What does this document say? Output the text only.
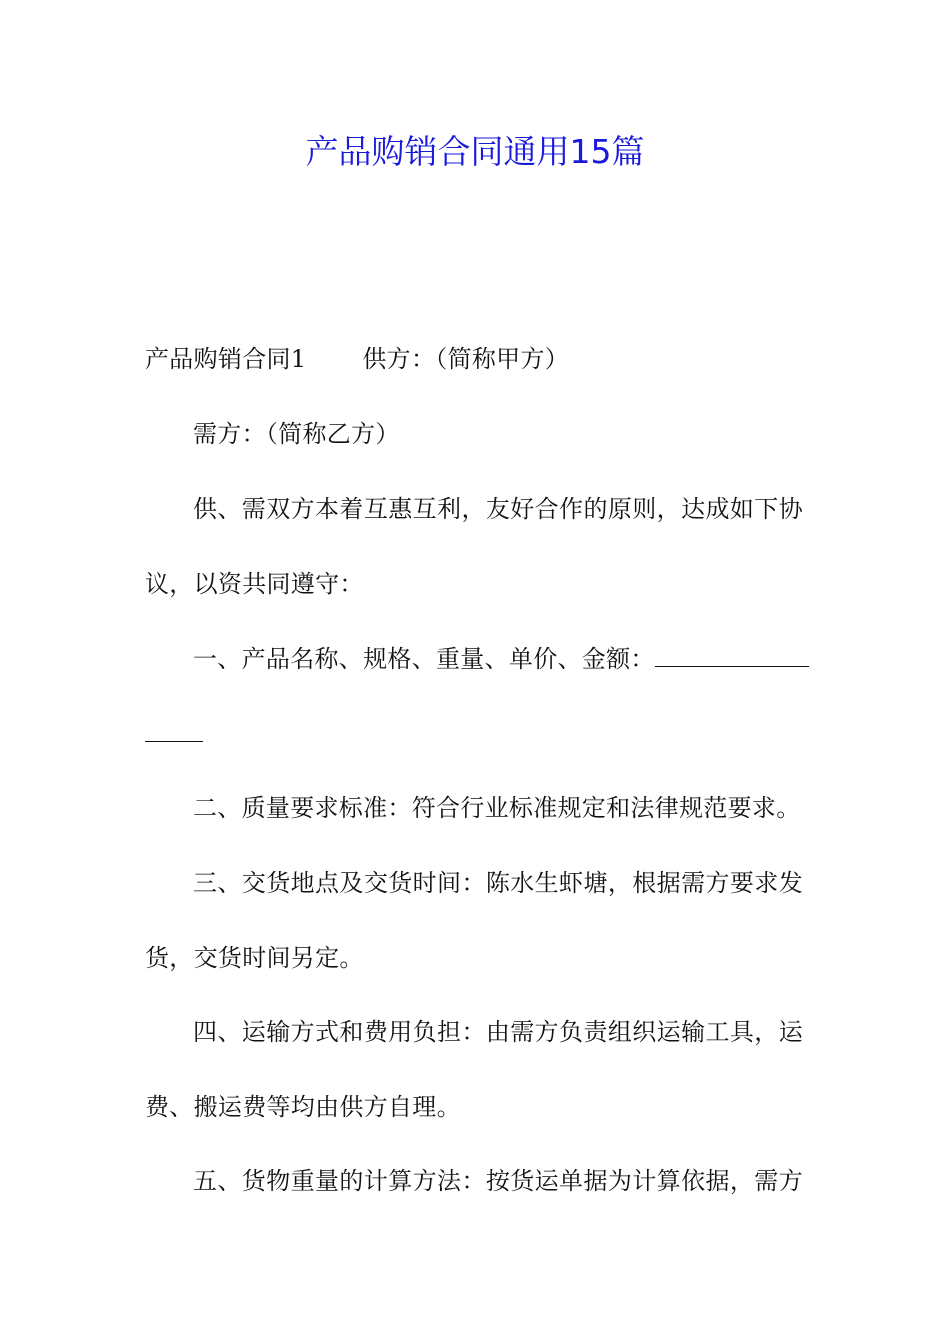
产品购销合同通用15篇
产品购销合同1 供方：（简称甲方）
需方：（简称乙方）
供、需双方本着互惠互利，友好合作的原则，达成如下协
议，以资共同遵守：
一、产品名称、规格、重量、单价、金额：
二、质量要求标准：符合行业标准规定和法律规范要求。
三、交货地点及交货时间：陈水生虾塘，根据需方要求发
货，交货时间另定。
四、运输方式和费用负担：由需方负责组织运输工具，运
费、搬运费等均由供方自理。
五、货物重量的计算方法：按货运单据为计算依据，需方
